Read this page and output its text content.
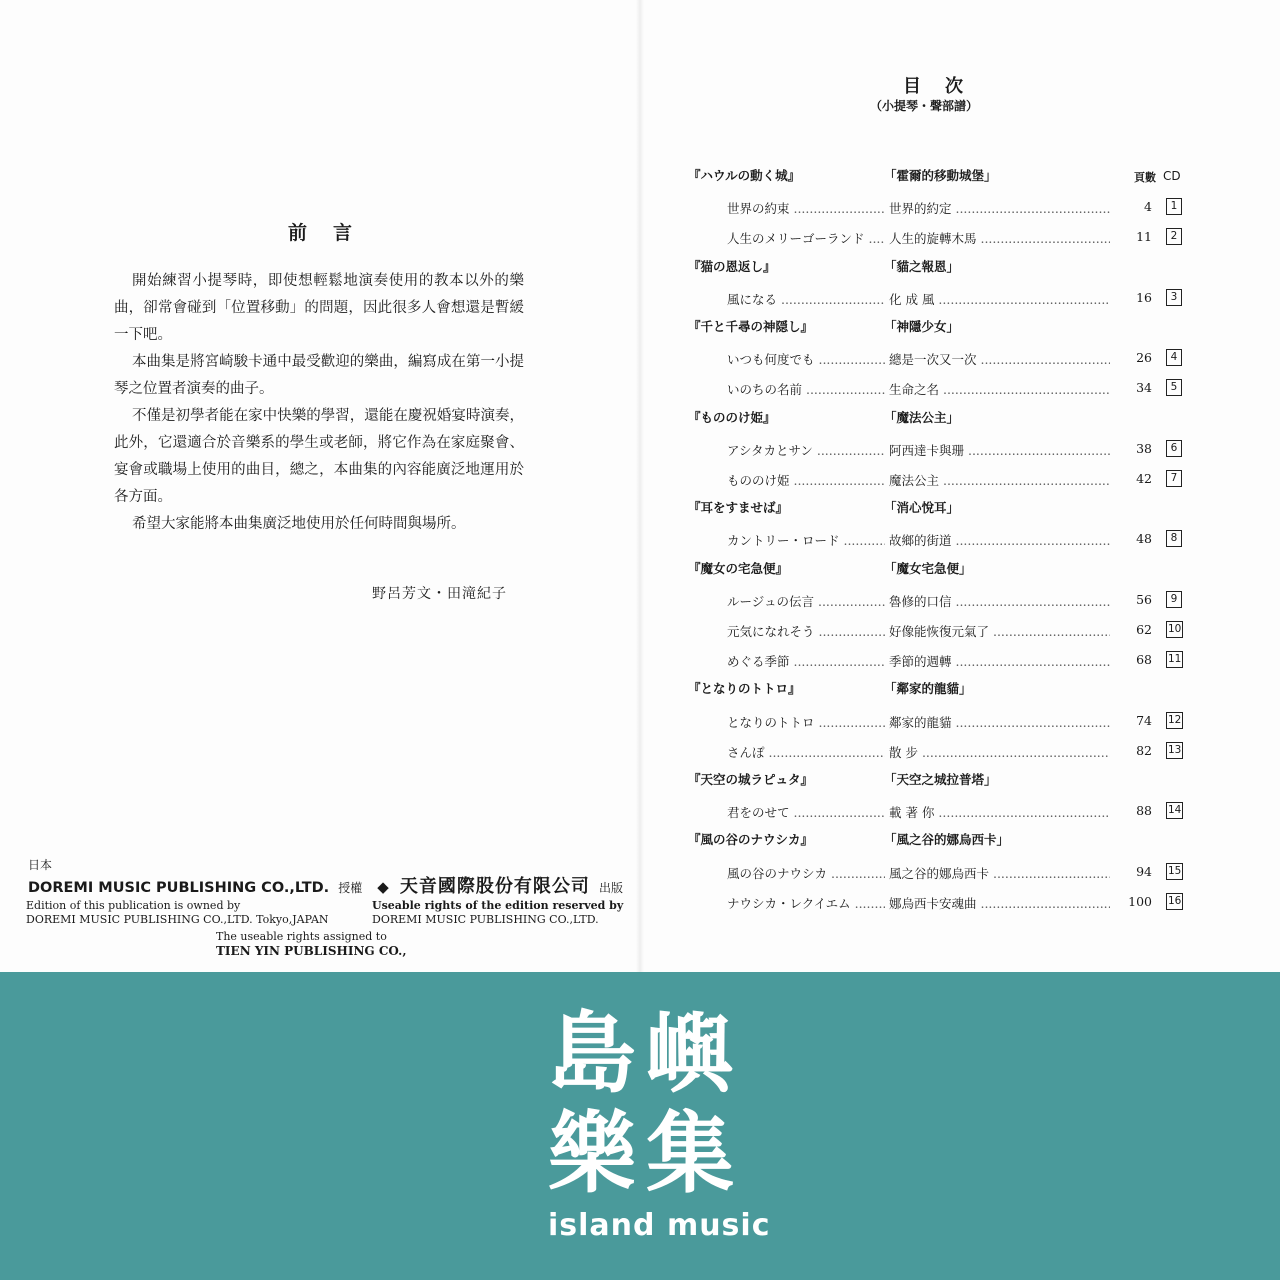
前言

開始練習小提琴時，即使想輕鬆地演奏使用的教本以外的樂曲，卻常會碰到「位置移動」的問題，因此很多人會想還是暫緩一下吧。

本曲集是將宮崎駿卡通中最受歡迎的樂曲，編寫成在第一小提琴之位置者演奏的曲子。

不僅是初學者能在家中快樂的學習，還能在慶祝婚宴時演奏，此外，它還適合於音樂系的學生或老師，將它作為在家庭聚會、宴會或職場上使用的曲目，總之，本曲集的內容能廣泛地運用於各方面。

希望大家能將本曲集廣泛地使用於任何時間與場所。

野呂芳文・田滝紀子
日本
DOREMI MUSIC PUBLISHING CO.,LTD. 授權 ◆ 天音國際股份有限公司 出版
Edition of this publication is owned by
DOREMI MUSIC PUBLISHING CO.,LTD. Tokyo,JAPAN
Useable rights of the edition reserved by
DOREMI MUSIC PUBLISHING CO.,LTD.
The useable rights assigned to
TIEN YIN PUBLISHING CO.,
目次
（小提琴・聲部譜）
頁數 CD
『ハウルの動く城』	「霍爾的移動城堡」
世界の約束 .....	世界的約定 .....	4	1
人生のメリーゴーランド .....	人生的旋轉木馬 .....	11	2
『猫の恩返し』	「貓之報恩」
風になる .....	化 成 風 .....	16	3
『千と千尋の神隠し』	「神隱少女」
いつも何度でも .....	總是一次又一次 .....	26	4
いのちの名前 .....	生命之名 .....	34	5
『もののけ姫』	「魔法公主」
アシタカとサン .....	阿西達卡與珊 .....	38	6
もののけ姫 .....	魔法公主 .....	42	7
『耳をすませば』	「消心悅耳」
カントリー・ロード .....	故鄉的街道 .....	48	8
『魔女の宅急便』	「魔女宅急便」
ルージュの伝言 .....	魯修的口信 .....	56	9
元気になれそう .....	好像能恢復元氣了 .....	62 10
めぐる季節 .....	季節的週轉 .....	68 11
『となりのトトロ』	「鄰家的龍貓」
となりのトトロ .....	鄰家的龍貓 .....	74 12
さんぽ .....	散 步 .....	82 13
『天空の城ラピュタ』	「天空之城拉普塔」
君をのせて .....	載 著 你 .....	88 14
『風の谷のナウシカ』	「風之谷的娜烏西卡」
風の谷のナウシカ .....	風之谷的娜烏西卡 .....	94 15
ナウシカ・レクイエム .....	娜烏西卡安魂曲 .....	100 16
島 嶼
樂 集
island music
